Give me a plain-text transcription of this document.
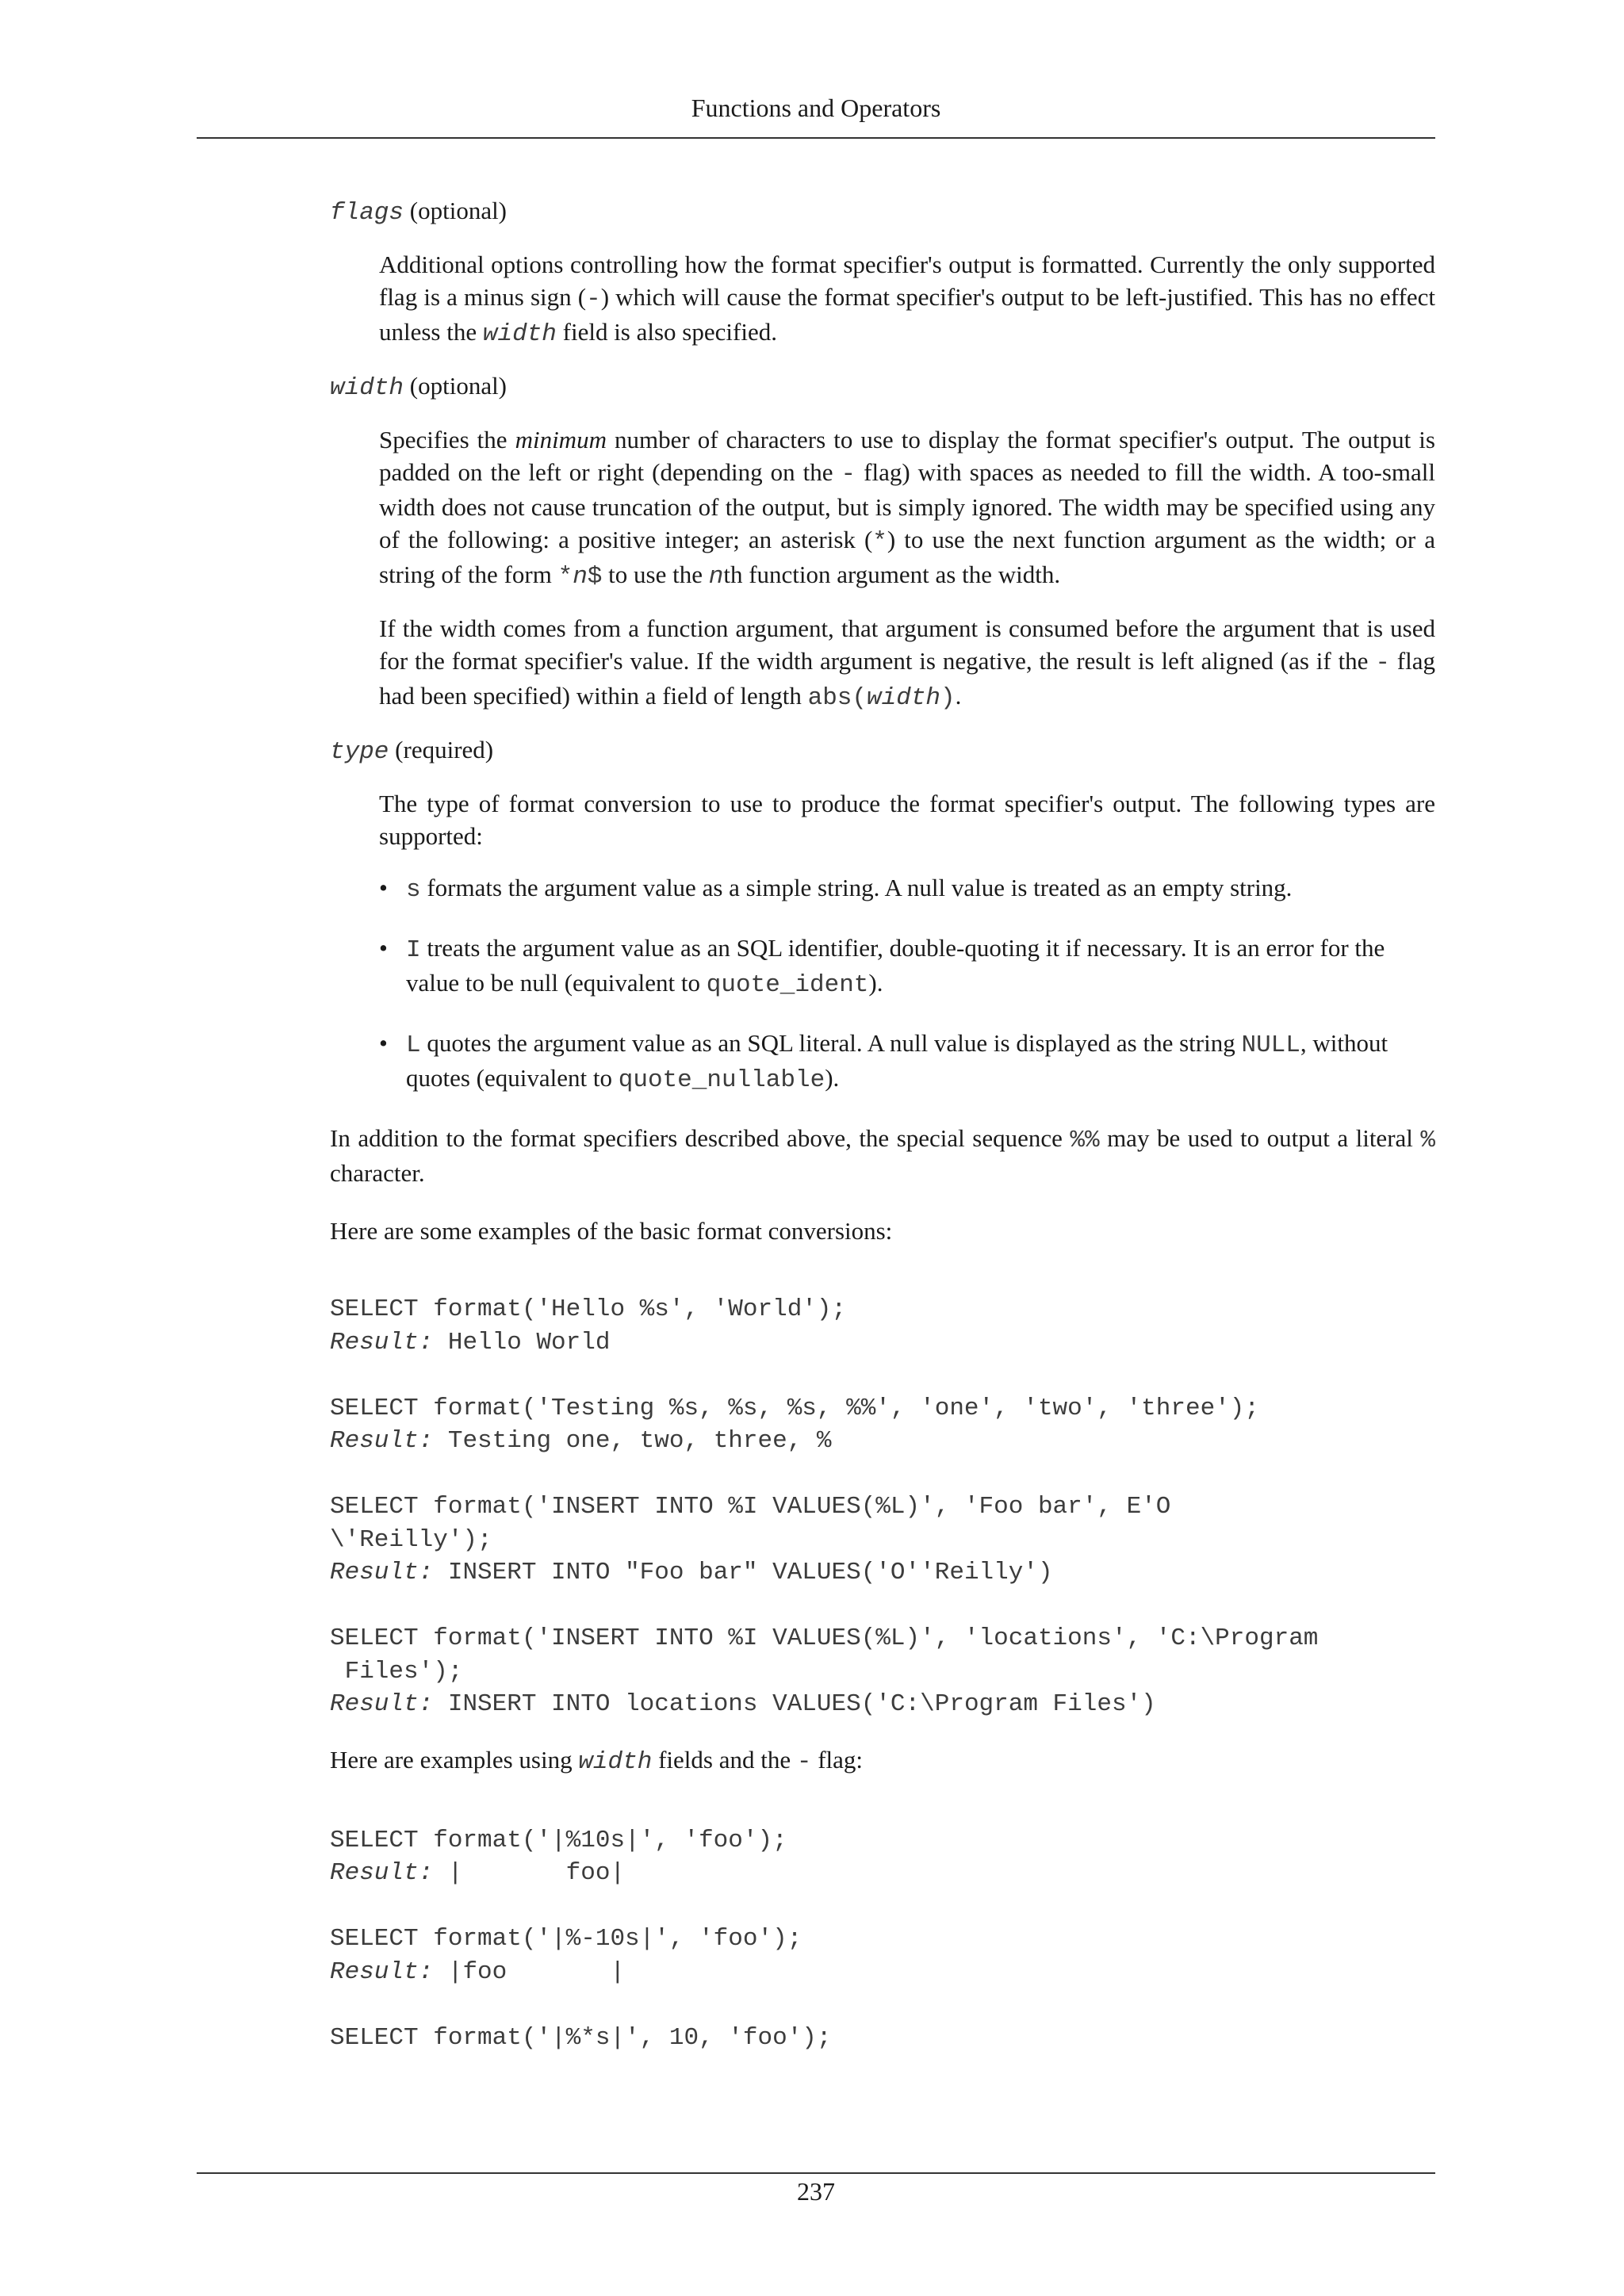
Functions and Operators

flags (optional)

Additional options controlling how the format specifier's output is formatted. Currently the only supported flag is a minus sign (-) which will cause the format specifier's output to be left-justified. This has no effect unless the width field is also specified.

width (optional)

Specifies the minimum number of characters to use to display the format specifier's output. The output is padded on the left or right (depending on the - flag) with spaces as needed to fill the width. A too-small width does not cause truncation of the output, but is simply ignored. The width may be specified using any of the following: a positive integer; an asterisk (*) to use the next function argument as the width; or a string of the form *n$ to use the nth function argument as the width.

If the width comes from a function argument, that argument is consumed before the argument that is used for the format specifier's value. If the width argument is negative, the result is left aligned (as if the - flag had been specified) within a field of length abs(width).

type (required)

The type of format conversion to use to produce the format specifier's output. The following types are supported:

• s formats the argument value as a simple string. A null value is treated as an empty string.
• I treats the argument value as an SQL identifier, double-quoting it if necessary. It is an error for the value to be null (equivalent to quote_ident).
• L quotes the argument value as an SQL literal. A null value is displayed as the string NULL, without quotes (equivalent to quote_nullable).

In addition to the format specifiers described above, the special sequence %% may be used to output a literal % character.

Here are some examples of the basic format conversions:

SELECT format('Hello %s', 'World');
Result: Hello World
SELECT format('Testing %s, %s, %s, %%', 'one', 'two', 'three');
Result: Testing one, two, three, %
SELECT format('INSERT INTO %I VALUES(%L)', 'Foo bar', E'O
\'Reilly');
Result: INSERT INTO "Foo bar" VALUES('O''Reilly')
SELECT format('INSERT INTO %I VALUES(%L)', 'locations', 'C:\Program
Files');
Result: INSERT INTO locations VALUES('C:\Program Files')

Here are examples using width fields and the - flag:

SELECT format('|%10s|', 'foo');
Result: |       foo|
SELECT format('|%-10s|', 'foo');
Result: |foo       |
SELECT format('|%*s|', 10, 'foo');
237
